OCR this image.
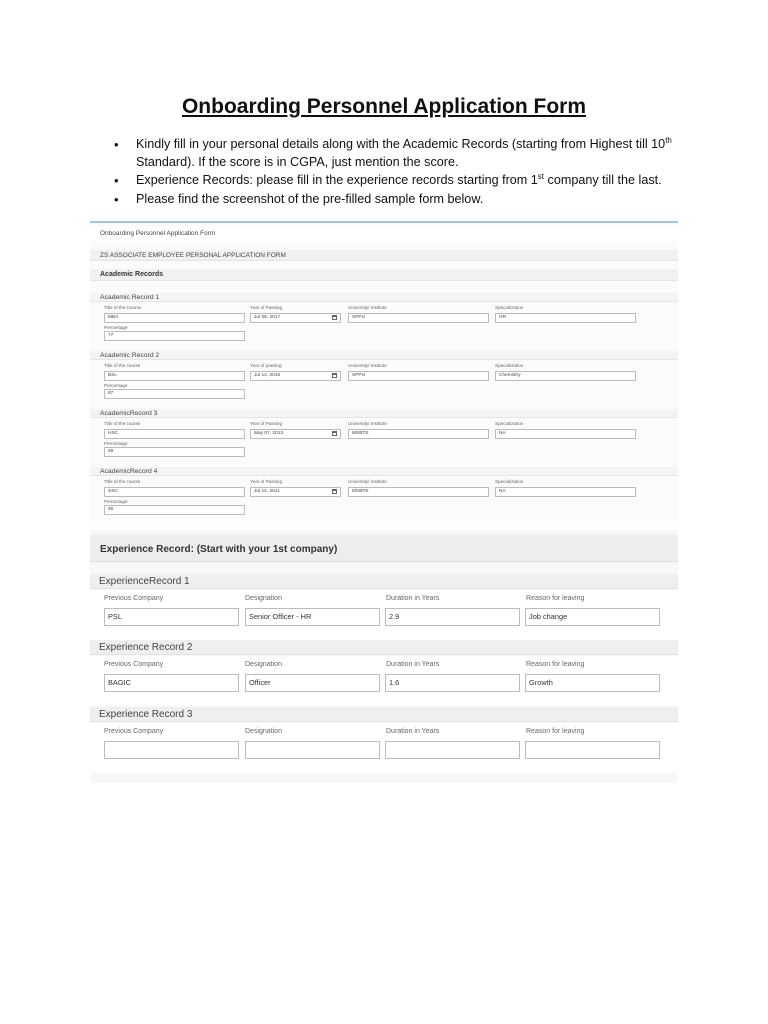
Onboarding Personnel Application Form
• Kindly fill in your personal details along with the Academic Records (starting from Highest till 10th Standard). If the score is in CGPA, just mention the score.
• Experience Records: please fill in the experience records starting from 1st company till the last.
• Please find the screenshot of the pre-filled sample form below.
Onboarding Personnel Application Form
ZS ASSOCIATE EMPLOYEE PERSONAL APPLICATION FORM
Academic Records
Academic Record 1
Title of the Course	Year of Passing	University/ Institute	Specialization
MBA	Jul 06, 2017	SPPU	HR
Percentage
77
Academic Record 2
Title of the course	Year of passing	University/ Institute	Specialization
BSc	Jul 14, 2015	SPPU	Chemistry
Percentage
87
AcademicRecord 3
Title of the course	Year of Passing	University/ Institute	Specialization
HSC	May 07, 2013	MSBTE	NA
Percentage
68
AcademicRecord 4
Title of the course	Year of Passing	University/ Institute	Specialization
SSC	Jul 12, 2011	MSBTE	NA
Percentage
90
Experience Record: (Start with your 1st company)
ExperienceRecord 1
Previous Company	Designation	Duration in Years	Reason for leaving
PSL	Senior Officer - HR	2.9	Job change
Experience Record 2
Previous Company	Designation	Duration in Years	Reason for leaving
BAGIC	Officer	1.6	Growth
Experience Record 3
Previous Company	Designation	Duration in Years	Reason for leaving
